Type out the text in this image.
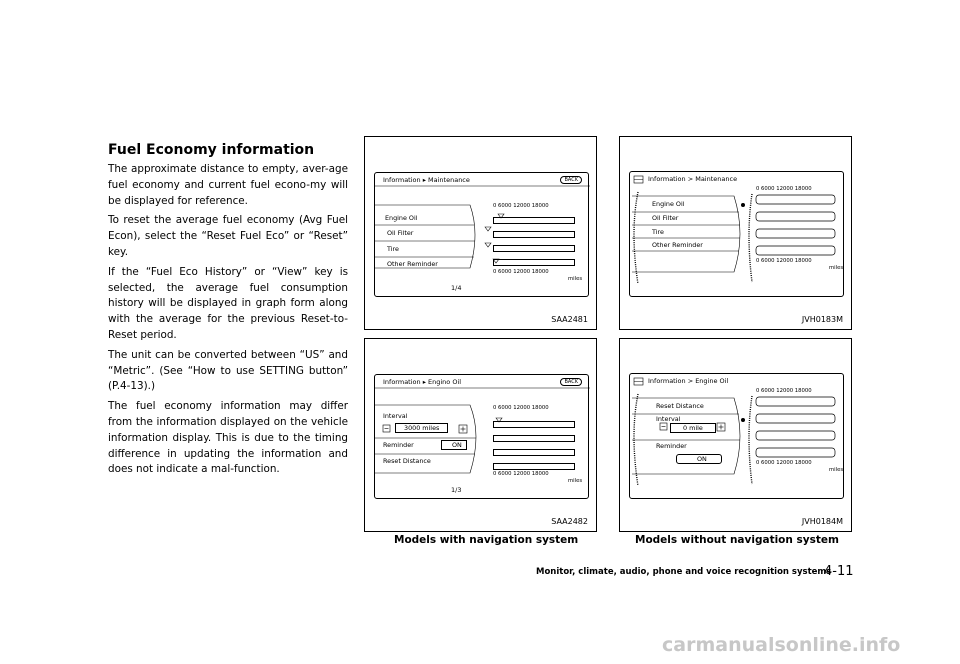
Fuel Economy information

The approximate distance to empty, aver-age fuel economy and current fuel econo-my will be displayed for reference.

To reset the average fuel economy (Avg Fuel Econ), select the “Reset Fuel Eco” or “Reset” key.

If the “Fuel Eco History” or “View” key is selected, the average fuel consumption history will be displayed in graph form along with the average for the previous Reset-to-Reset period.

The unit can be converted between “US” and “Metric”. (See “How to use SETTING button” (P.4-13).)

The fuel economy information may differ from the information displayed on the vehicle information display. This is due to the timing difference in updating the information and does not indicate a mal-function.

Information ▸ Maintenance	BACK
0 6000 12000 18000
Engine Oil
Oil Filter
Tire
Other Reminder
0 6000 12000 18000
miles
1/4
SAA2481
Information > Maintenance
0 6000 12000 18000
Engine Oil
Oil Filter
Tire
Other Reminder
0 6000 12000 18000
miles
JVH0183M
Information ▸ Engino Oil	BACK
0 6000 12000 18000
Interval
3000 miles
Reminder	ON
Reset Distance
0 6000 12000 18000
miles
1/3
SAA2482
Information > Engine Oil
0 6000 12000 18000
Reset Distance
Interval
0 mile
Reminder
ON	0 6000 12000 18000
miles
JVH0184M
Models with navigation system	Models without navigation system
Monitor, climate, audio, phone and voice recognition systems
4-11
carmanualsonline.info
